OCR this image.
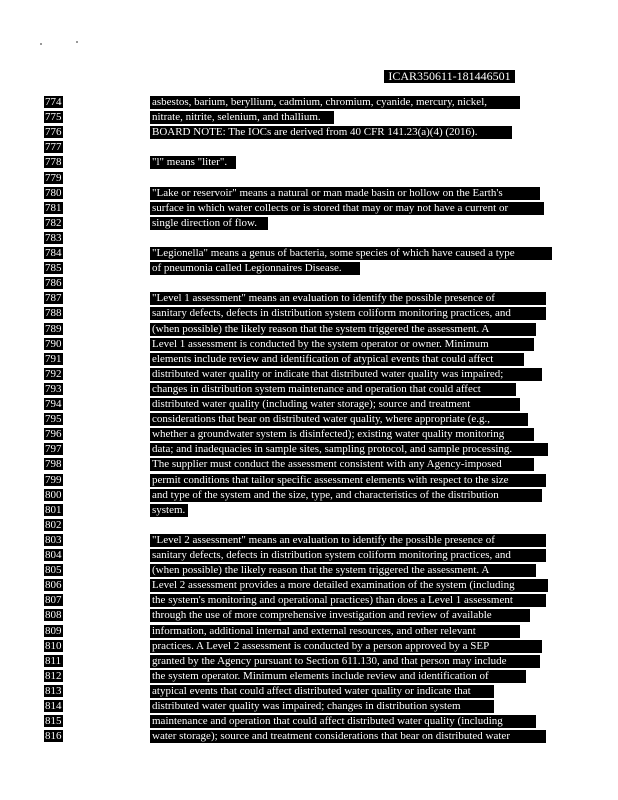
ICAR350611-181446501
774	asbestos, barium, beryllium, cadmium, chromium, cyanide, mercury, nickel,
775	nitrate, nitrite, selenium, and thallium.
776	BOARD NOTE: The IOCs are derived from 40 CFR 141.23(a)(4) (2016).
777
778	"l" means "liter".
779
780	"Lake or reservoir" means a natural or man made basin or hollow on the Earth's
781	surface in which water collects or is stored that may or may not have a current or
782	single direction of flow.
783
784	"Legionella" means a genus of bacteria, some species of which have caused a type
785	of pneumonia called Legionnaires Disease.
786
787	"Level 1 assessment" means an evaluation to identify the possible presence of
788	sanitary defects, defects in distribution system coliform monitoring practices, and
789	(when possible) the likely reason that the system triggered the assessment. A
790	Level 1 assessment is conducted by the system operator or owner. Minimum
791	elements include review and identification of atypical events that could affect
792	distributed water quality or indicate that distributed water quality was impaired;
793	changes in distribution system maintenance and operation that could affect
794	distributed water quality (including water storage); source and treatment
795	considerations that bear on distributed water quality, where appropriate (e.g.,
796	whether a groundwater system is disinfected); existing water quality monitoring
797	data; and inadequacies in sample sites, sampling protocol, and sample processing.
798	The supplier must conduct the assessment consistent with any Agency-imposed
799	permit conditions that tailor specific assessment elements with respect to the size
800	and type of the system and the size, type, and characteristics of the distribution
801	system.
802
803	"Level 2 assessment" means an evaluation to identify the possible presence of
804	sanitary defects, defects in distribution system coliform monitoring practices, and
805	(when possible) the likely reason that the system triggered the assessment. A
806	Level 2 assessment provides a more detailed examination of the system (including
807	the system's monitoring and operational practices) than does a Level 1 assessment
808	through the use of more comprehensive investigation and review of available
809	information, additional internal and external resources, and other relevant
810	practices. A Level 2 assessment is conducted by a person approved by a SEP
811	granted by the Agency pursuant to Section 611.130, and that person may include
812	the system operator. Minimum elements include review and identification of
813	atypical events that could affect distributed water quality or indicate that
814	distributed water quality was impaired; changes in distribution system
815	maintenance and operation that could affect distributed water quality (including
816	water storage); source and treatment considerations that bear on distributed water
